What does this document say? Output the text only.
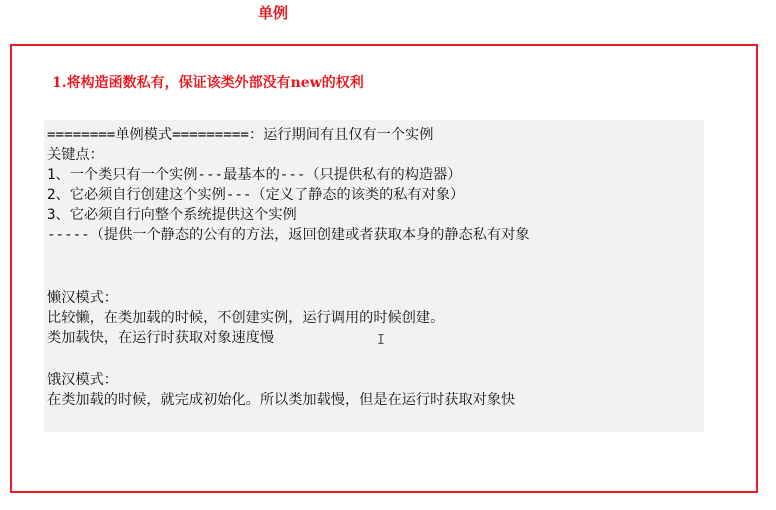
单例
1.将构造函数私有，保证该类外部没有new的权利
========单例模式=========：运行期间有且仅有一个实例
关键点：
1、一个类只有一个实例---最基本的---（只提供私有的构造器）
2、它必须自行创建这个实例---（定义了静态的该类的私有对象）
3、它必须自行向整个系统提供这个实例
-----（提供一个静态的公有的方法，返回创建或者获取本身的静态私有对象
懒汉模式：
比较懒，在类加载的时候，不创建实例，运行调用的时候创建。
类加载快，在运行时获取对象速度慢
饿汉模式：
在类加载的时候，就完成初始化。所以类加载慢，但是在运行时获取对象快
I
